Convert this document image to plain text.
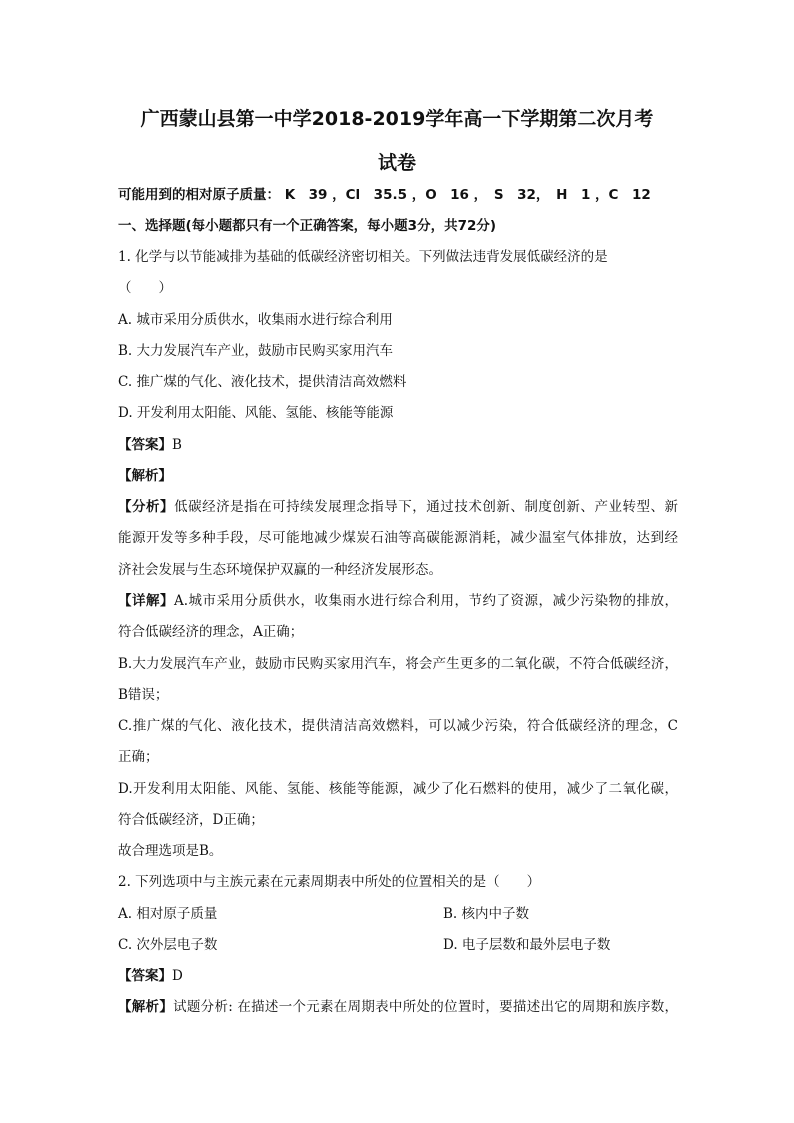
广西蒙山县第一中学2018-2019学年高一下学期第二次月考
试卷
可能用到的相对原子质量： K　39 ，Cl　35.5 ，O　16 ，　S　32，　H　1 ，C　12
一、选择题(每小题都只有一个正确答案，每小题3分，共72分)
1. 化学与以节能减排为基础的低碳经济密切相关。下列做法违背发展低碳经济的是
（　　）
A. 城市采用分质供水，收集雨水进行综合利用
B. 大力发展汽车产业，鼓励市民购买家用汽车
C. 推广煤的气化、液化技术，提供清洁高效燃料
D. 开发利用太阳能、风能、氢能、核能等能源
【答案】B
【解析】
【分析】低碳经济是指在可持续发展理念指导下，通过技术创新、制度创新、产业转型、新
能源开发等多种手段，尽可能地减少煤炭石油等高碳能源消耗，减少温室气体排放，达到经
济社会发展与生态环境保护双赢的一种经济发展形态。
【详解】A.城市采用分质供水，收集雨水进行综合利用，节约了资源，减少污染物的排放，
符合低碳经济的理念，A正确；
B.大力发展汽车产业，鼓励市民购买家用汽车，将会产生更多的二氧化碳，不符合低碳经济，
B错误；
C.推广煤的气化、液化技术，提供清洁高效燃料，可以减少污染，符合低碳经济的理念，C
正确；
D.开发利用太阳能、风能、氢能、核能等能源，减少了化石燃料的使用，减少了二氧化碳，
符合低碳经济，D正确；
故合理选项是B。
2. 下列选项中与主族元素在元素周期表中所处的位置相关的是（　　）
A. 相对原子质量	B. 核内中子数
C. 次外层电子数	D. 电子层数和最外层电子数
【答案】D
【解析】试题分析: 在描述一个元素在周期表中所处的位置时，要描述出它的周期和族序数，
